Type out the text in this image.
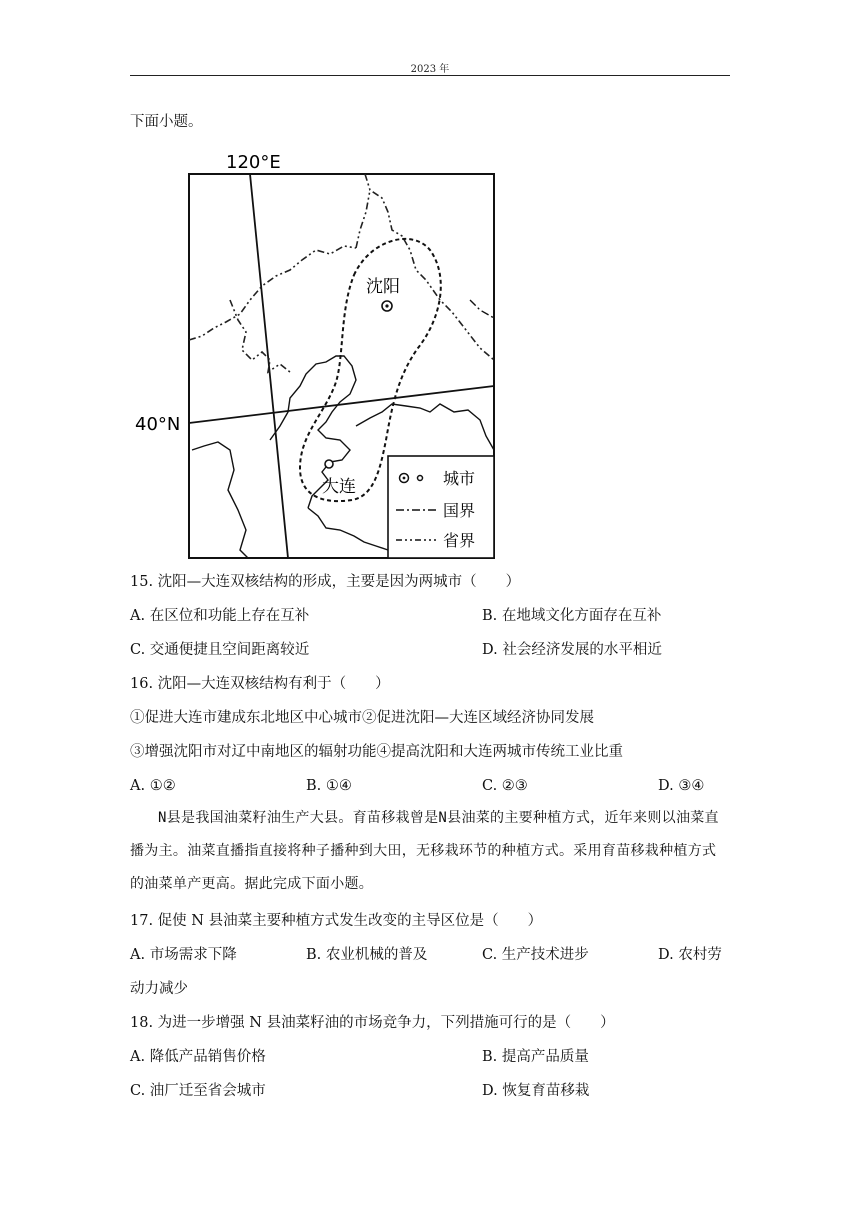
2023 年
下面小题。
沈阳
大连	城市
国界
省界
120°E
40°N
15. 沈阳—大连双核结构的形成，主要是因为两城市（　　）
A. 在区位和功能上存在互补	B. 在地域文化方面存在互补
C. 交通便捷且空间距离较近	D. 社会经济发展的水平相近
16. 沈阳—大连双核结构有利于（　　）
①促进大连市建成东北地区中心城市②促进沈阳—大连区域经济协同发展
③增强沈阳市对辽中南地区的辐射功能④提高沈阳和大连两城市传统工业比重
A. ①②	B. ①④	C. ②③	D. ③④
N县是我国油菜籽油生产大县。育苗移栽曾是N县油菜的主要种植方式，近年来则以油菜直播为主。油菜直播指直接将种子播种到大田，无移栽环节的种植方式。采用育苗移栽种植方式的油菜单产更高。据此完成下面小题。
17. 促使 N 县油菜主要种植方式发生改变的主导区位是（　　）
A. 市场需求下降	B. 农业机械的普及	C. 生产技术进步	D. 农村劳
动力减少
18. 为进一步增强 N 县油菜籽油的市场竞争力，下列措施可行的是（　　）
A. 降低产品销售价格	B. 提高产品质量
C. 油厂迁至省会城市	D. 恢复育苗移栽
